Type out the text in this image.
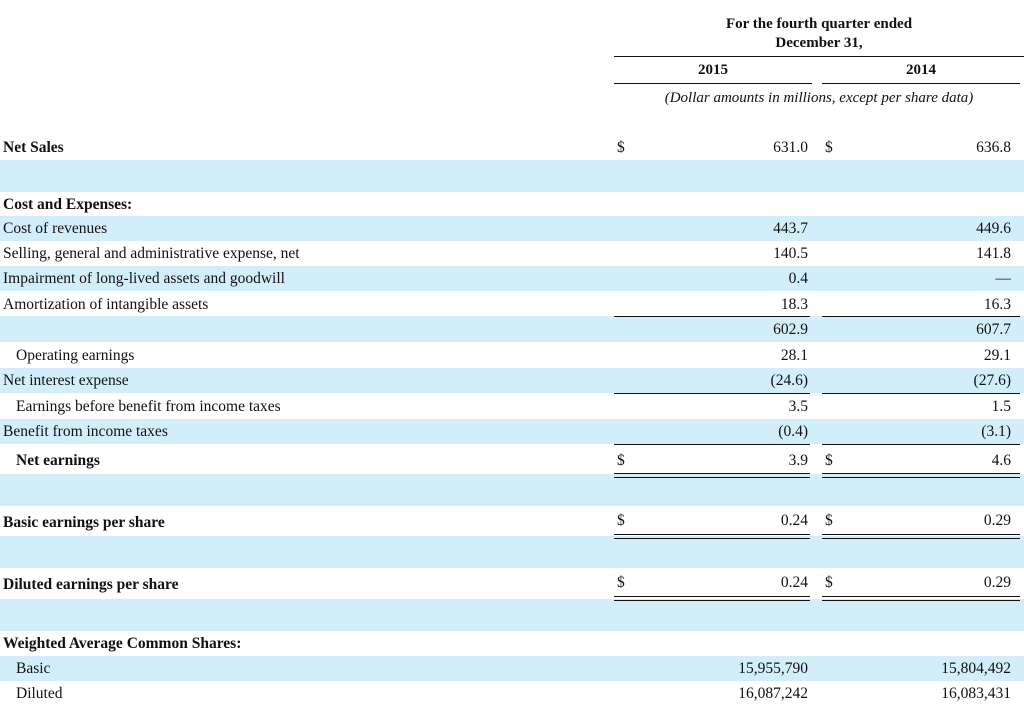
For the fourth quarter ended
December 31,
2015	2014
(Dollar amounts in millions, except per share data)
Net Sales	$	631.0 $	636.8
Cost and Expenses:
Cost of revenues	443.7	449.6
Selling, general and administrative expense, net	140.5	141.8
Impairment of long-lived assets and goodwill	0.4	—
Amortization of intangible assets	18.3	16.3
602.9	607.7
Operating earnings	28.1	29.1
Net interest expense	(24.6)	(27.6)
Earnings before benefit from income taxes	3.5	1.5
Benefit from income taxes	(0.4)	(3.1)
Net earnings	$	3.9 $	4.6
Basic earnings per share	$	0.24 $	0.29
Diluted earnings per share	$	0.24 $	0.29
Weighted Average Common Shares:
Basic	15,955,790	15,804,492
Diluted	16,087,242	16,083,431
